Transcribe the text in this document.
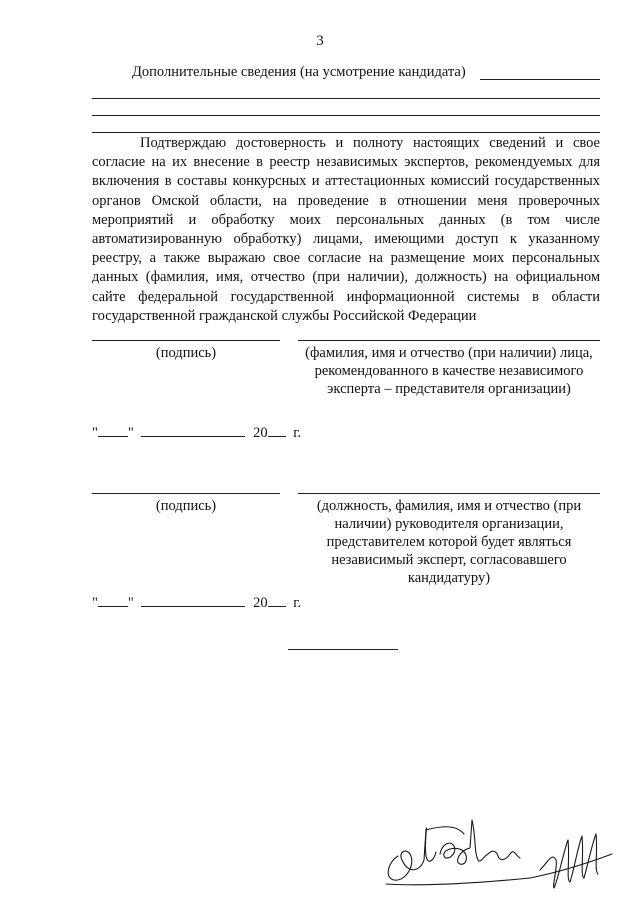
3
Дополнительные сведения (на усмотрение кандидата)

Подтверждаю достоверность и полноту настоящих сведений и свое согласие на их внесение в реестр независимых экспертов, рекомендуемых для включения в составы конкурсных и аттестационных комиссий государственных органов Омской области, на проведение в отношении меня проверочных мероприятий и обработку моих персональных данных (в том числе автоматизированную обработку) лицами, имеющими доступ к указанному реестру, а также выражаю свое согласие на размещение моих персональных данных (фамилия, имя, отчество (при наличии), должность) на официальном сайте федеральной государственной информационной системы в области государственной гражданской службы Российской Федерации

(подпись)	(фамилия, имя и отчество (при наличии) лица, рекомендованного в качестве независимого эксперта – представителя организации)
" "	20 г.
(подпись)	(должность, фамилия, имя и отчество (при наличии) руководителя организации, представителем которой будет являться независимый эксперт, согласовавшего кандидатуру)
" "	20 г.
